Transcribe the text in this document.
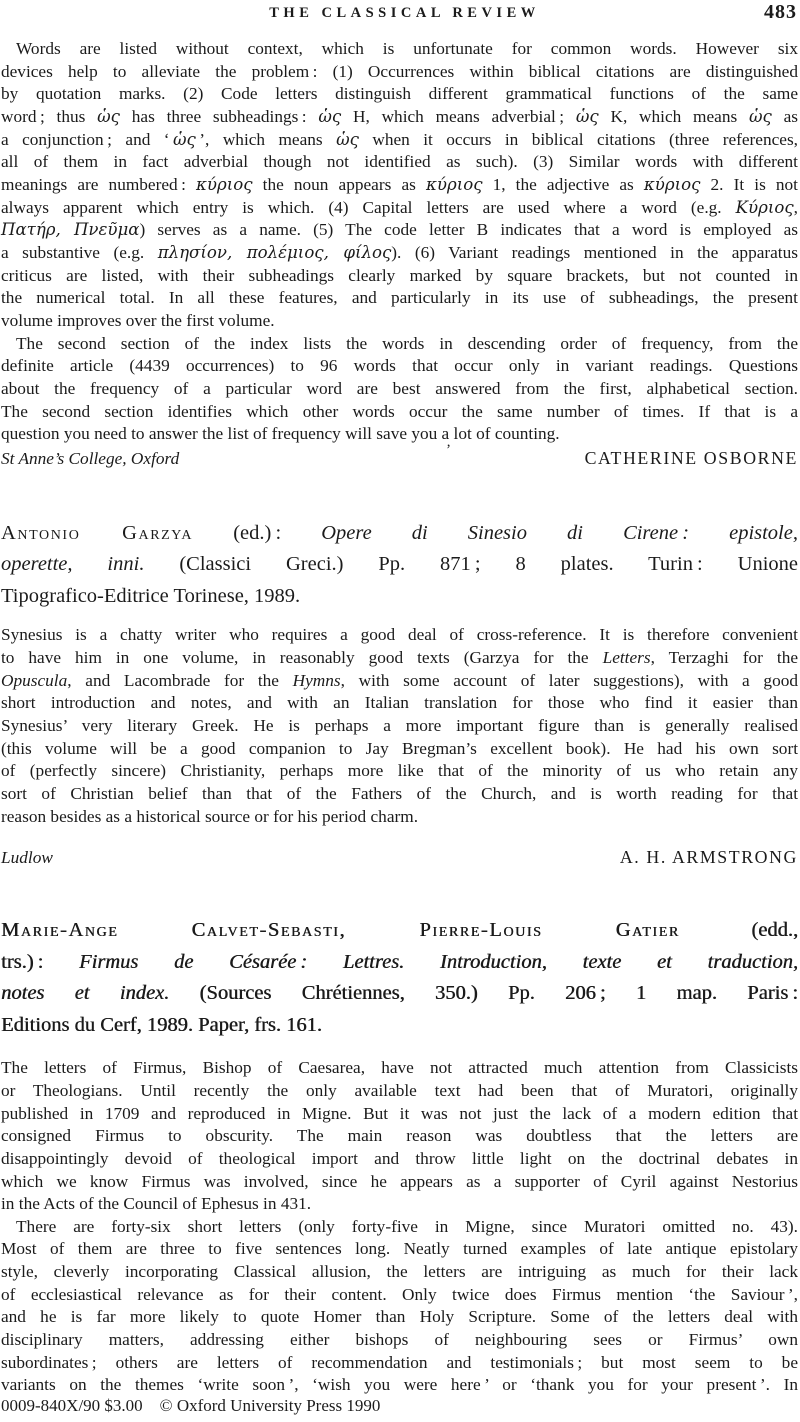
THE CLASSICAL REVIEW	483
Words are listed without context, which is unfortunate for common words. However six
devices help to alleviate the problem : (1) Occurrences within biblical citations are distinguished
by quotation marks. (2) Code letters distinguish different grammatical functions of the same
word ; thus ὡς has three subheadings : ὡς H, which means adverbial ; ὡς K, which means ὡς as
a conjunction ; and ‘ ὡς ’, which means ὡς when it occurs in biblical citations (three references,
all of them in fact adverbial though not identified as such). (3) Similar words with different
meanings are numbered : κύριος the noun appears as κύριος 1, the adjective as κύριος 2. It is not
always apparent which entry is which. (4) Capital letters are used where a word (e.g. Κύριος,
Πατήρ, Πνεῦμα) serves as a name. (5) The code letter B indicates that a word is employed as
a substantive (e.g. πλησίον, πολέμιος, φίλος). (6) Variant readings mentioned in the apparatus
criticus are listed, with their subheadings clearly marked by square brackets, but not counted in
the numerical total. In all these features, and particularly in its use of subheadings, the present
volume improves over the first volume.
The second section of the index lists the words in descending order of frequency, from the
definite article (4439 occurrences) to 96 words that occur only in variant readings. Questions
about the frequency of a particular word are best answered from the first, alphabetical section.
The second section identifies which other words occur the same number of times. If that is a
question you need to answer the list of frequency will save you a lot of counting.
St Anne’s College, Oxford	CATHERINE OSBORNE
’
Antonio Garzya (ed.) : Opere di Sinesio di Cirene : epistole,
operette, inni. (Classici Greci.) Pp. 871 ; 8 plates. Turin : Unione
Tipografico-Editrice Torinese, 1989.
Synesius is a chatty writer who requires a good deal of cross-reference. It is therefore convenient
to have him in one volume, in reasonably good texts (Garzya for the Letters, Terzaghi for the
Opuscula, and Lacombrade for the Hymns, with some account of later suggestions), with a good
short introduction and notes, and with an Italian translation for those who find it easier than
Synesius’ very literary Greek. He is perhaps a more important figure than is generally realised
(this volume will be a good companion to Jay Bregman’s excellent book). He had his own sort
of (perfectly sincere) Christianity, perhaps more like that of the minority of us who retain any
sort of Christian belief than that of the Fathers of the Church, and is worth reading for that
reason besides as a historical source or for his period charm.
Ludlow	A. H. ARMSTRONG
Marie-Ange Calvet-Sebasti, Pierre-Louis Gatier (edd.,
trs.) : Firmus de Césarée : Lettres. Introduction, texte et traduction,
notes et index. (Sources Chrétiennes, 350.) Pp. 206 ; 1 map. Paris :
Editions du Cerf, 1989. Paper, frs. 161.
The letters of Firmus, Bishop of Caesarea, have not attracted much attention from Classicists
or Theologians. Until recently the only available text had been that of Muratori, originally
published in 1709 and reproduced in Migne. But it was not just the lack of a modern edition that
consigned Firmus to obscurity. The main reason was doubtless that the letters are
disappointingly devoid of theological import and throw little light on the doctrinal debates in
which we know Firmus was involved, since he appears as a supporter of Cyril against Nestorius
in the Acts of the Council of Ephesus in 431.
There are forty-six short letters (only forty-five in Migne, since Muratori omitted no. 43).
Most of them are three to five sentences long. Neatly turned examples of late antique epistolary
style, cleverly incorporating Classical allusion, the letters are intriguing as much for their lack
of ecclesiastical relevance as for their content. Only twice does Firmus mention ‘the Saviour ’,
and he is far more likely to quote Homer than Holy Scripture. Some of the letters deal with
disciplinary matters, addressing either bishops of neighbouring sees or Firmus’ own
subordinates ; others are letters of recommendation and testimonials ; but most seem to be
variants on the themes ‘write soon ’, ‘wish you were here ’ or ‘thank you for your present ’. In
0009-840X/90 $3.00 © Oxford University Press 1990
